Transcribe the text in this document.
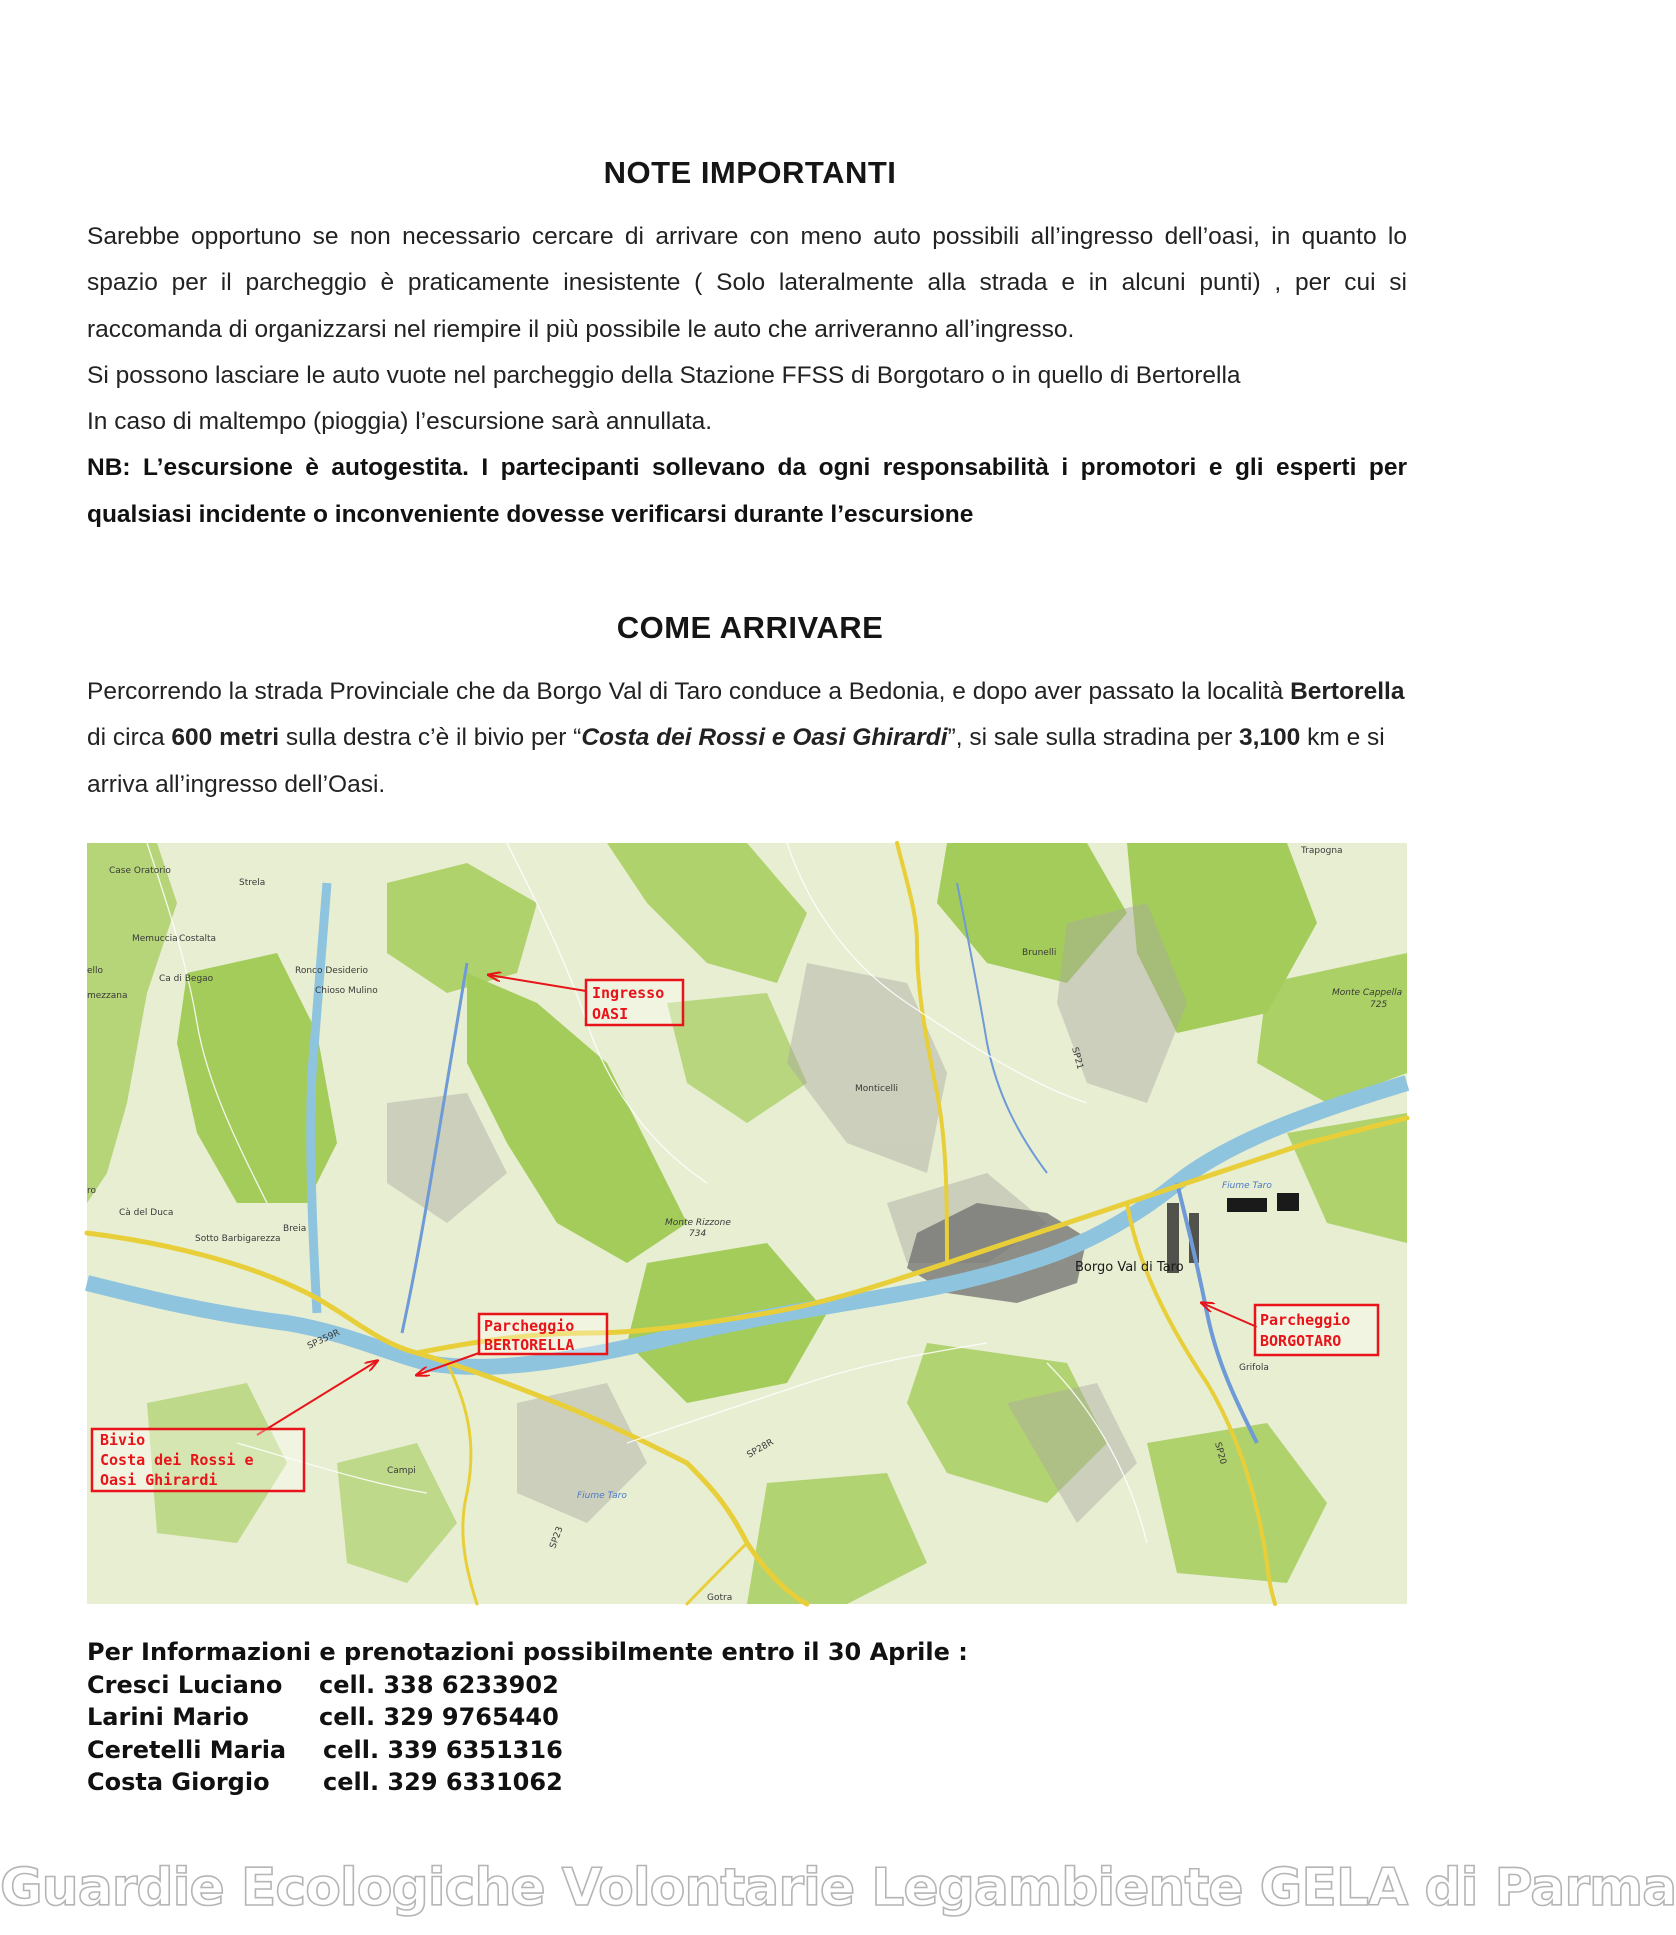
NOTE IMPORTANTI

Sarebbe opportuno se non necessario cercare di arrivare con meno auto possibili all’ingresso dell’oasi, in quanto lo spazio per il parcheggio è praticamente inesistente ( Solo lateralmente alla strada e in alcuni punti) , per cui si raccomanda di organizzarsi nel riempire il più possibile le auto che arriveranno all’ingresso.

Si possono lasciare le auto vuote nel parcheggio della Stazione FFSS di Borgotaro o in quello di Bertorella

In caso di maltempo (pioggia) l’escursione sarà annullata.

NB: L’escursione è autogestita. I partecipanti sollevano da ogni responsabilità i promotori e gli esperti per qualsiasi incidente o inconveniente dovesse verificarsi durante l’escursione

COME ARRIVARE

Percorrendo la strada Provinciale che da Borgo Val di Taro conduce a Bedonia, e dopo aver passato la località Bertorella di circa 600 metri sulla destra c’è il bivio per “Costa dei Rossi e Oasi Ghirardi”, si sale sulla stradina per 3,100 km e si arriva all’ingresso dell’Oasi.

Case Oratorio
Strela
Memuccia Costalta
Ca di Begao
Ronco Desiderio
Chioso Mulino
ello
mezzana
Trapogna
Brunelli
Monte Cappella
725
Monticelli
SP21
ro
Cà del Duca
Sotto Barbigarezza
Breia
Monte Rizzone
734
Fiume Taro
Fiume Taro
SP359R
SP28R
SP23
SP20
Grifola
Campi
Gotra
Borgo Val di Taro
Ingresso
OASI
Parcheggio
BERTORELLA
Bivio
Costa dei Rossi e
Oasi Ghirardi
Parcheggio
BORGOTARO
Per Informazioni e prenotazioni possibilmente entro il 30 Aprile :
Cresci Luciano cell. 338 6233902
Larini Mario	cell. 329 9765440
Ceretelli Maria cell. 339 6351316
Costa Giorgio cell. 329 6331062
Guardie Ecologiche Volontarie Legambiente GELA di Parma
